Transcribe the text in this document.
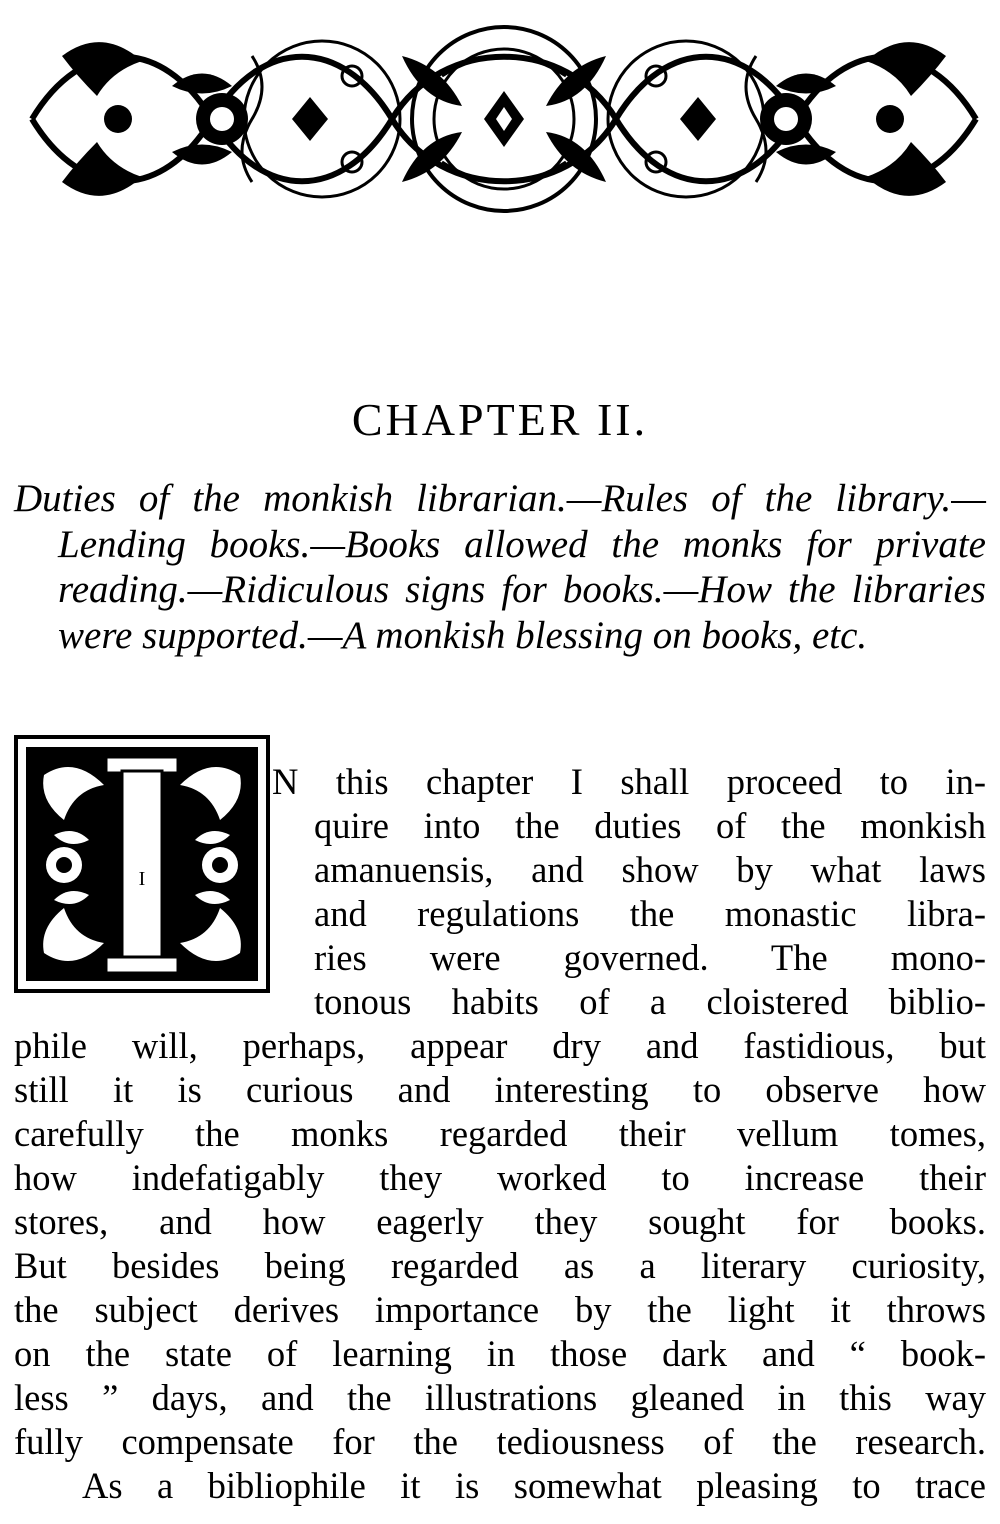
CHAPTER II.
Duties of the monkish librarian.—Rules of the library.—Lending books.—Books allowed the monks for private reading.—Ridiculous signs for books.—How the libraries were supported.—A monkish blessing on books, etc.
I
N this chapter I shall proceed to in-
quire into the duties of the monkish
amanuensis, and show by what laws
and regulations the monastic libra-
ries were governed. The mono-
tonous habits of a cloistered biblio-
phile will, perhaps, appear dry and fastidious, but
still it is curious and interesting to observe how
carefully the monks regarded their vellum tomes,
how indefatigably they worked to increase their
stores, and how eagerly they sought for books.
But besides being regarded as a literary curiosity,
the subject derives importance by the light it throws
on the state of learning in those dark and “ book-
less ” days, and the illustrations gleaned in this way
fully compensate for the tediousness of the research.
As a bibliophile it is somewhat pleasing to trace
